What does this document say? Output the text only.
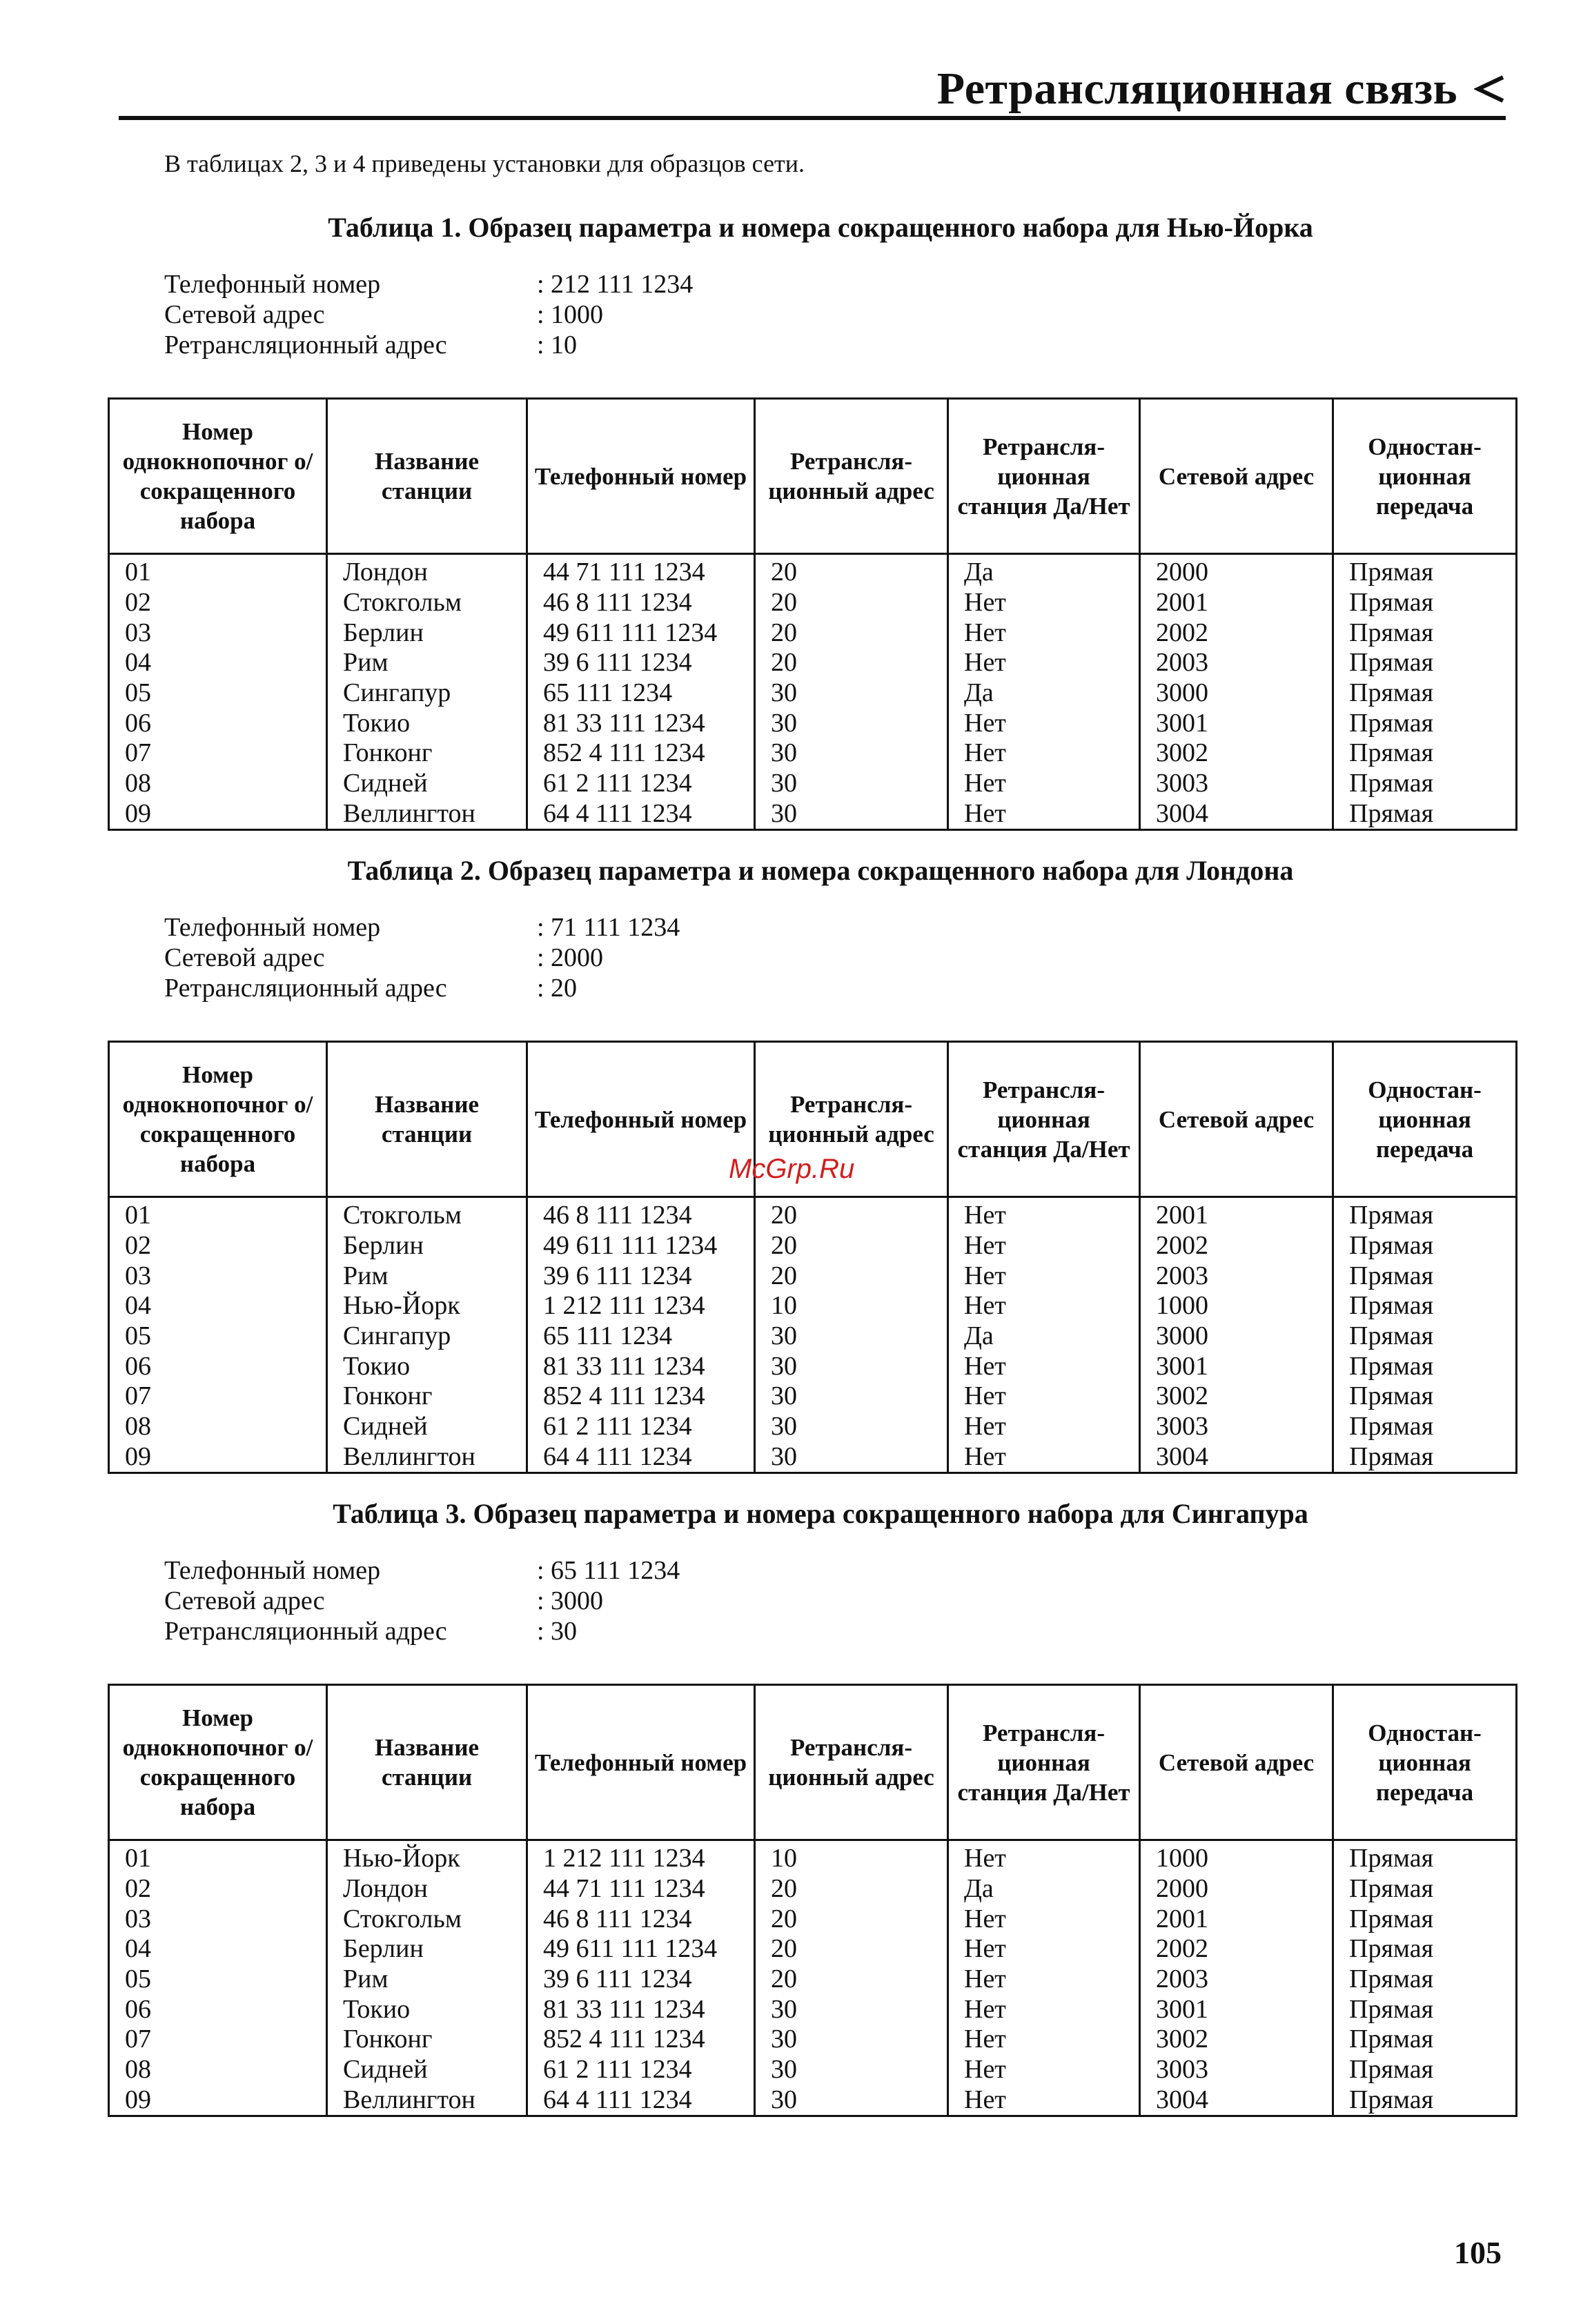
Ретрансляционная связь
В таблицах 2, 3 и 4 приведены установки для образцов сети.
Таблица 1. Образец параметра и номера сокращенного набора для Нью-Йорка
Телефонный номер	: 212 111 1234
Сетевой адрес	: 1000
Ретрансляционный адрес	: 10
Номер однокнопочног о/ сокращенного набора	Название станции	Телефонный номер	Ретрансля- ционный адрес	Ретрансля- ционная станция Да/Нет	Сетевой адрес	Одностан- ционная передача
01	Лондон	44 71 111 1234	20	Да	2000	Прямая
02	Стокгольм	46 8 111 1234	20	Нет	2001	Прямая
03	Берлин	49 611 111 1234	20	Нет	2002	Прямая
04	Рим	39 6 111 1234	20	Нет	2003	Прямая
05	Сингапур	65 111 1234	30	Да	3000	Прямая
06	Токио	81 33 111 1234	30	Нет	3001	Прямая
07	Гонконг	852 4 111 1234	30	Нет	3002	Прямая
08	Сидней	61 2 111 1234	30	Нет	3003	Прямая
09	Веллингтон	64 4 111 1234	30	Нет	3004	Прямая
Таблица 2. Образец параметра и номера сокращенного набора для Лондона
Телефонный номер	: 71 111 1234
Сетевой адрес	: 2000
Ретрансляционный адрес	: 20
Номер однокнопочног о/ сокращенного набора	Название станции	Телефонный номер	Ретрансля- ционный адрес	Ретрансля- ционная станция Да/Нет	Сетевой адрес	Одностан- ционная передача
01	Стокгольм	46 8 111 1234	20	Нет	2001	Прямая
02	Берлин	49 611 111 1234	20	Нет	2002	Прямая
03	Рим	39 6 111 1234	20	Нет	2003	Прямая
04	Нью-Йорк	1 212 111 1234	10	Нет	1000	Прямая
05	Сингапур	65 111 1234	30	Да	3000	Прямая
06	Токио	81 33 111 1234	30	Нет	3001	Прямая
07	Гонконг	852 4 111 1234	30	Нет	3002	Прямая
08	Сидней	61 2 111 1234	30	Нет	3003	Прямая
09	Веллингтон	64 4 111 1234	30	Нет	3004	Прямая
Таблица 3. Образец параметра и номера сокращенного набора для Сингапура
Телефонный номер	: 65 111 1234
Сетевой адрес	: 3000
Ретрансляционный адрес	: 30
Номер однокнопочног о/ сокращенного набора	Название станции	Телефонный номер	Ретрансля- ционный адрес	Ретрансля- ционная станция Да/Нет	Сетевой адрес	Одностан- ционная передача
01	Нью-Йорк	1 212 111 1234	10	Нет	1000	Прямая
02	Лондон	44 71 111 1234	20	Да	2000	Прямая
03	Стокгольм	46 8 111 1234	20	Нет	2001	Прямая
04	Берлин	49 611 111 1234	20	Нет	2002	Прямая
05	Рим	39 6 111 1234	20	Нет	2003	Прямая
06	Токио	81 33 111 1234	30	Нет	3001	Прямая
07	Гонконг	852 4 111 1234	30	Нет	3002	Прямая
08	Сидней	61 2 111 1234	30	Нет	3003	Прямая
09	Веллингтон	64 4 111 1234	30	Нет	3004	Прямая
McGrp.Ru
105
